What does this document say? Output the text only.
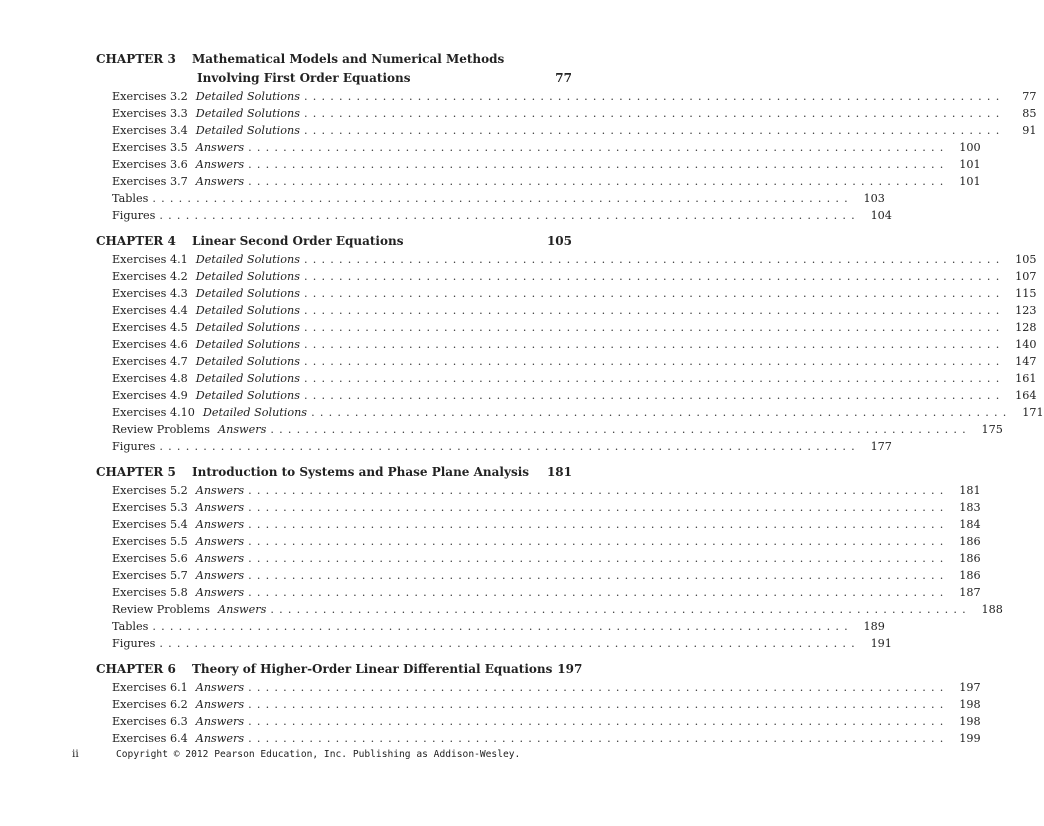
CHAPTER 3	Mathematical Models and Numerical Methods
Involving First Order Equations	77
Exercises 3.2 Detailed Solutions ................................................................................	77
Exercises 3.3 Detailed Solutions ................................................................................	85
Exercises 3.4 Detailed Solutions ................................................................................	91
Exercises 3.5 Answers ................................................................................ 100
Exercises 3.6 Answers ................................................................................ 101
Exercises 3.7 Answers ................................................................................ 101
Tables ................................................................................ 103
Figures ................................................................................ 104
CHAPTER 4	Linear Second Order Equations	105
Exercises 4.1 Detailed Solutions ................................................................................ 105
Exercises 4.2 Detailed Solutions ................................................................................ 107
Exercises 4.3 Detailed Solutions ................................................................................ 115
Exercises 4.4 Detailed Solutions ................................................................................ 123
Exercises 4.5 Detailed Solutions ................................................................................ 128
Exercises 4.6 Detailed Solutions ................................................................................ 140
Exercises 4.7 Detailed Solutions ................................................................................ 147
Exercises 4.8 Detailed Solutions ................................................................................ 161
Exercises 4.9 Detailed Solutions ................................................................................ 164
Exercises 4.10 Detailed Solutions ................................................................................ 171
Review Problems Answers ................................................................................ 175
Figures ................................................................................ 177
CHAPTER 5	Introduction to Systems and Phase Plane Analysis	181
Exercises 5.2 Answers ................................................................................ 181
Exercises 5.3 Answers ................................................................................ 183
Exercises 5.4 Answers ................................................................................ 184
Exercises 5.5 Answers ................................................................................ 186
Exercises 5.6 Answers ................................................................................ 186
Exercises 5.7 Answers ................................................................................ 186
Exercises 5.8 Answers ................................................................................ 187
Review Problems Answers ................................................................................ 188
Tables ................................................................................ 189
Figures ................................................................................ 191
CHAPTER 6	Theory of Higher-Order Linear Differential Equations 197
Exercises 6.1 Answers ................................................................................ 197
Exercises 6.2 Answers ................................................................................ 198
Exercises 6.3 Answers ................................................................................ 198
Exercises 6.4 Answers ................................................................................ 199
ii	Copyright © 2012 Pearson Education, Inc. Publishing as Addison-Wesley.
